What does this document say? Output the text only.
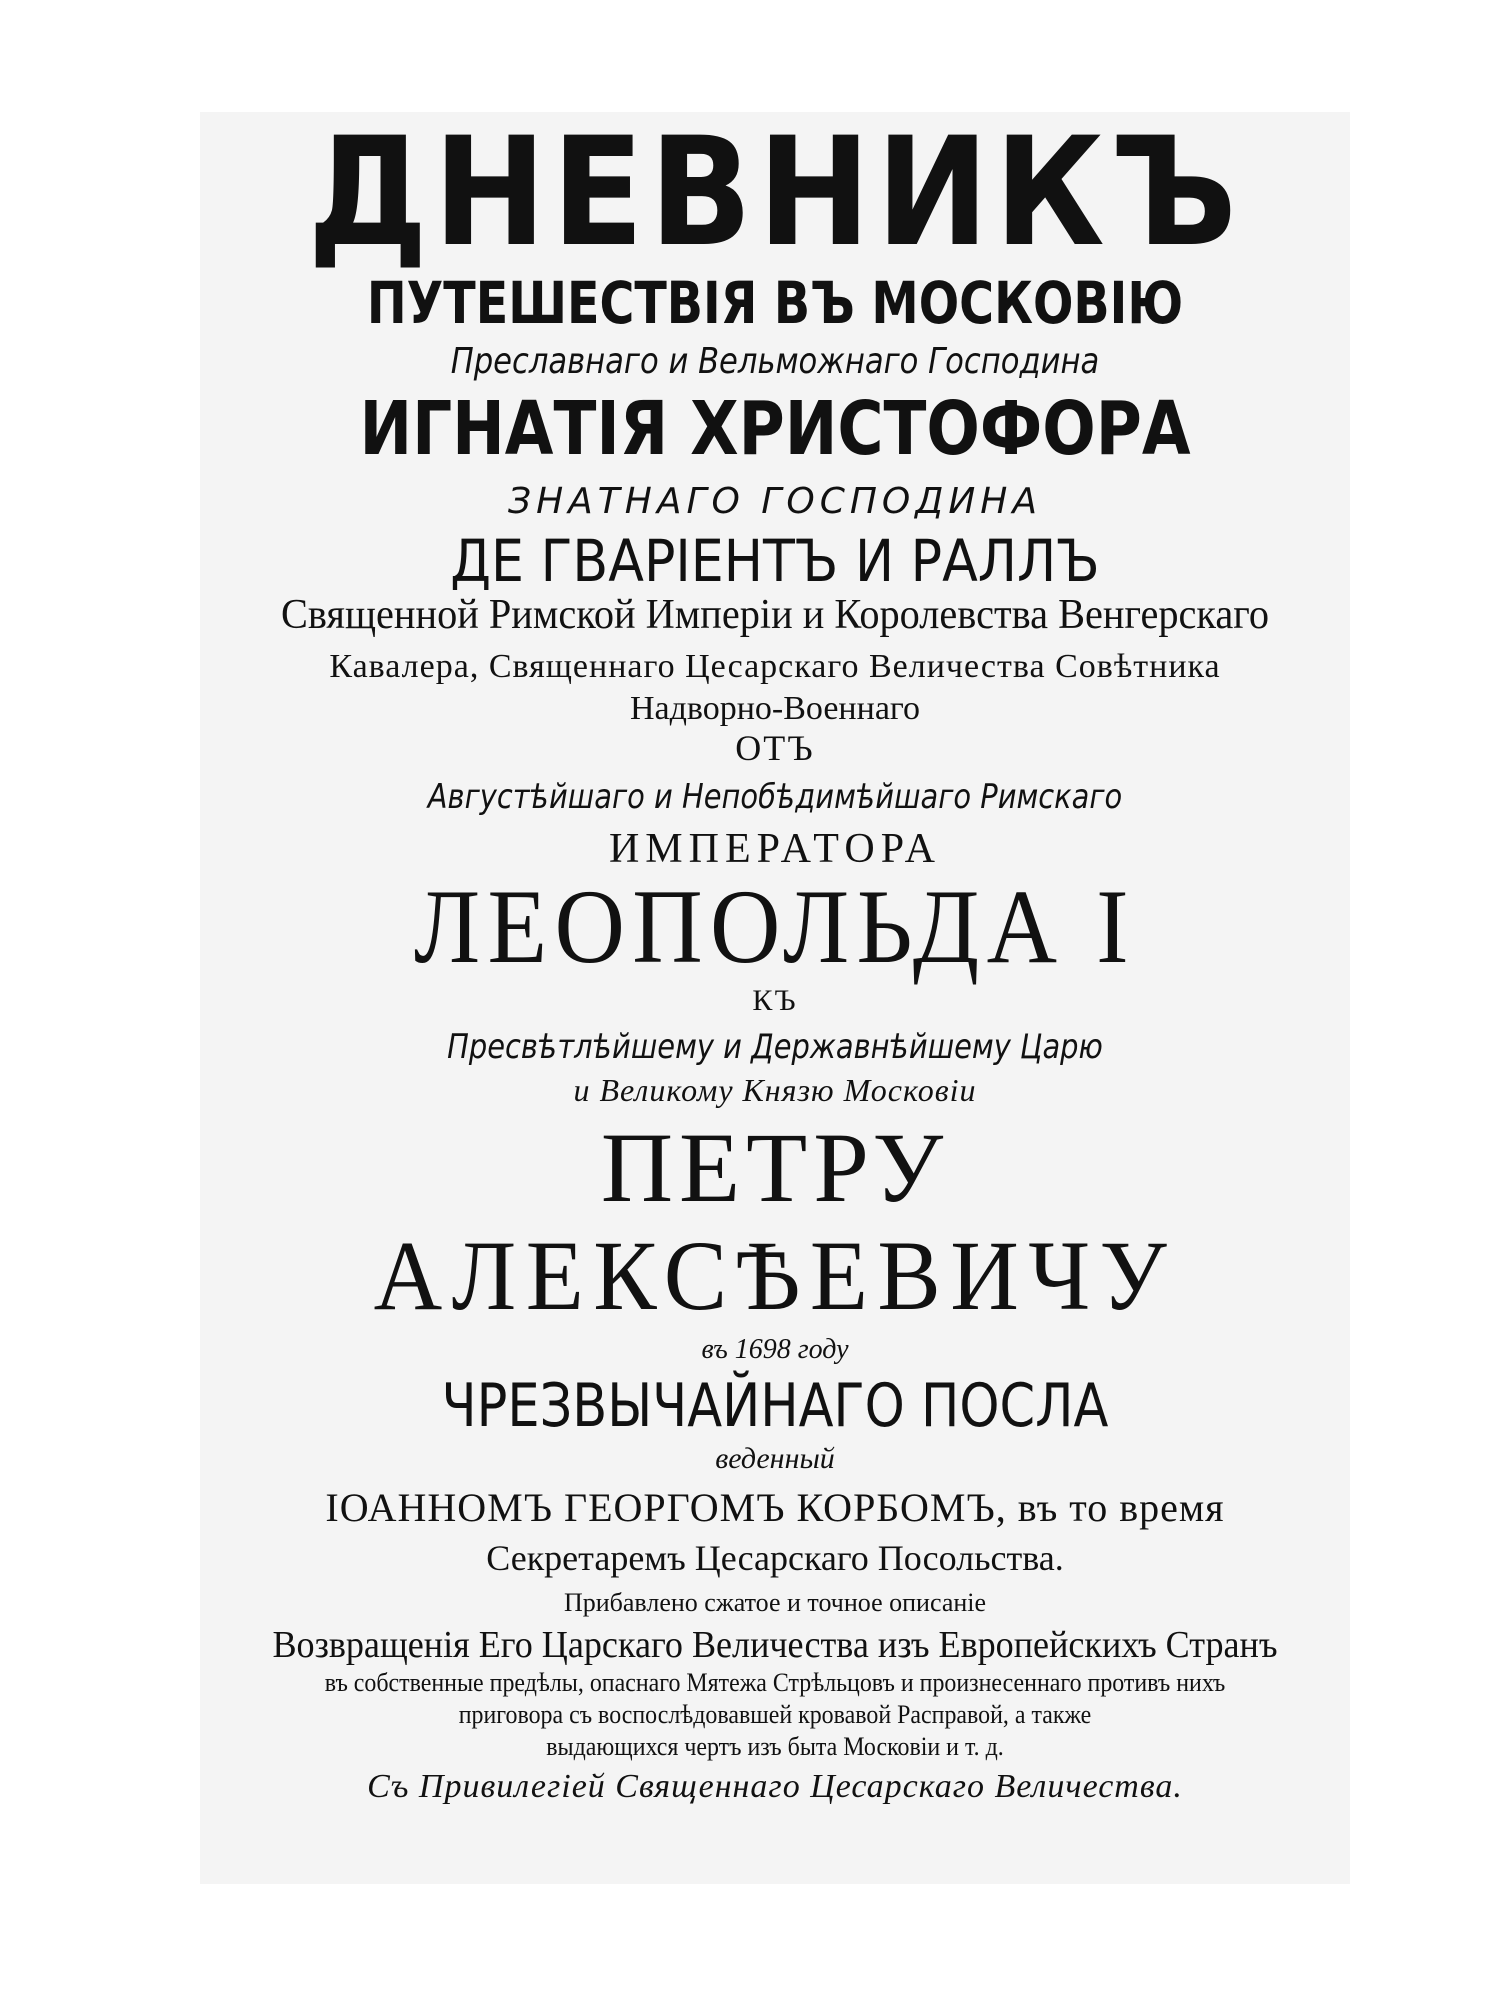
ДНЕВНИКЪ
ПУТЕШЕСТВІЯ ВЪ МОСКОВІЮ
Преславнаго и Вельможнаго Господина
ИГНАТІЯ ХРИСТОФОРА
ЗНАТНАГО ГОСПОДИНА
ДЕ ГВАРІЕНТЪ И РАЛЛЪ
Священной Римской Имперіи и Королевства Венгерскаго
Кавалера, Священнаго Цесарскаго Величества Совѣтника
Надворно-Военнаго
ОТЪ
Августѣйшаго и Непобѣдимѣйшаго Римскаго
ИМПЕРАТОРА
ЛЕОПОЛЬДА I
КЪ
Пресвѣтлѣйшему и Державнѣйшему Царю
и Великому Князю Московіи
ПЕТРУ
АЛЕКСѢЕВИЧУ
въ 1698 году
ЧРЕЗВЫЧАЙНАГО ПОСЛА
веденный
ІОАННОМЪ ГЕОРГОМЪ КОРБОМЪ, въ то время
Секретаремъ Цесарскаго Посольства.
Прибавлено сжатое и точное описаніе
Возвращенія Его Царскаго Величества изъ Европейскихъ Странъ
въ собственные предѣлы, опаснаго Мятежа Стрѣльцовъ и произнесеннаго противъ нихъ
приговора съ воспослѣдовавшей кровавой Расправой, а также
выдающихся чертъ изъ быта Московіи и т. д.
Съ Привилегіей Священнаго Цесарскаго Величества.
